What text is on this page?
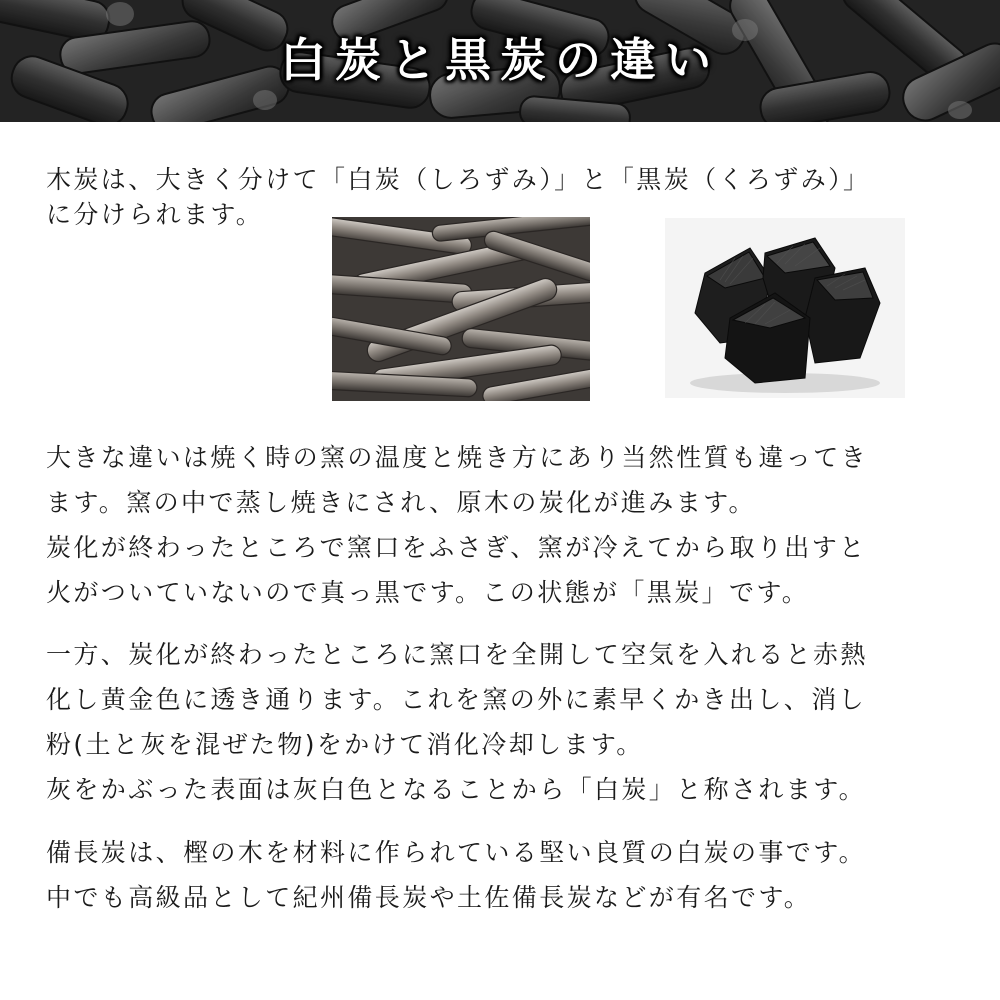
白炭と黒炭の違い

木炭は、大きく分けて「白炭（しろずみ）」と「黒炭（くろずみ）」

に分けられます。

大きな違いは焼く時の窯の温度と焼き方にあり当然性質も違ってき

ます。窯の中で蒸し焼きにされ、原木の炭化が進みます。

炭化が終わったところで窯口をふさぎ、窯が冷えてから取り出すと

火がついていないので真っ黒です。この状態が「黒炭」です。

一方、炭化が終わったところに窯口を全開して空気を入れると赤熱

化し黄金色に透き通ります。これを窯の外に素早くかき出し、消し

粉(土と灰を混ぜた物)をかけて消化冷却します。

灰をかぶった表面は灰白色となることから「白炭」と称されます。

備長炭は、樫の木を材料に作られている堅い良質の白炭の事です。

中でも高級品として紀州備長炭や土佐備長炭などが有名です。
